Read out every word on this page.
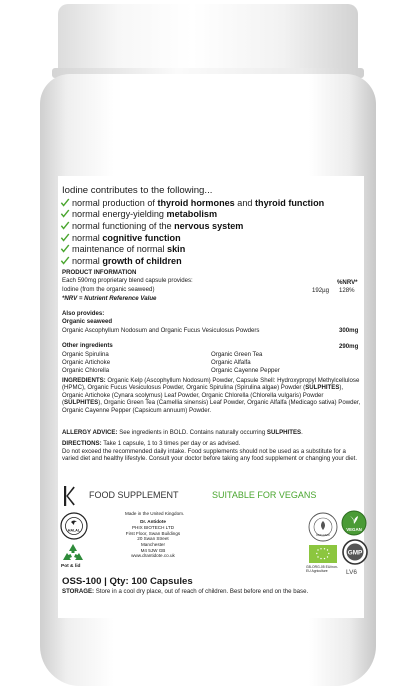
Iodine contributes to the following...
normal production of thyroid hormones and thyroid function
normal energy-yielding metabolism
normal functioning of the nervous system
normal cognitive function
maintenance of normal skin
normal growth of children
PRODUCT INFORMATION
Each 590mg proprietary blend capsule provides:	%NRV*
Iodine (from the organic seaweed)	192µg 128%
*NRV = Nutrient Reference Value
Also provides:
Organic seaweed
Organic Ascophyllum Nodosum and Organic Fucus Vesiculosus Powders	300mg
Other ingredients	290mg
Organic Spirulina
Organic Artichoke
Organic Chlorella
Organic Green Tea
Organic Alfalfa
Organic Cayenne Pepper
INGREDIENTS: Organic Kelp (Ascophyllum Nodosum) Powder, Capsule Shell: Hydroxypropyl Methylcellulose (HPMC), Organic Fucus Vesiculosus Powder, Organic Spirulina (Spirulina algae) Powder (SULPHITES), Organic Artichoke (Cynara scolymus) Leaf Powder, Organic Chlorella (Chlorella vulgaris) Powder (SULPHITES), Organic Green Tea (Camellia sinensis) Leaf Powder, Organic Alfalfa (Medicago sativa) Powder, Organic Cayenne Pepper (Capsicum annuum) Powder.
ALLERGY ADVICE: See ingredients in BOLD. Contains naturally occurring SULPHITES.
DIRECTIONS: Take 1 capsule, 1 to 3 times per day or as advised.
Do not exceed the recommended daily intake. Food supplements should not be used as a substitute for a varied diet and healthy lifestyle. Consult your doctor before taking any food supplement or changing your diet.
FOOD SUPPLEMENT	SUITABLE FOR VEGANS
HALAL
Pot & lid
Made in the United Kingdom.
Dr. Antidote
PHIX BIOTECH LTD
First Floor, Swan Buildings
20 Swan Street
Manchester
M4 5JW GB
www.drantidote.co.uk
ORGANIC
VEGAN
GB-ORG-05 EU/non-EU Agriculture
GMP
LV6
OSS-100 | Qty: 100 Capsules
STORAGE: Store in a cool dry place, out of reach of children. Best before end on the base.
